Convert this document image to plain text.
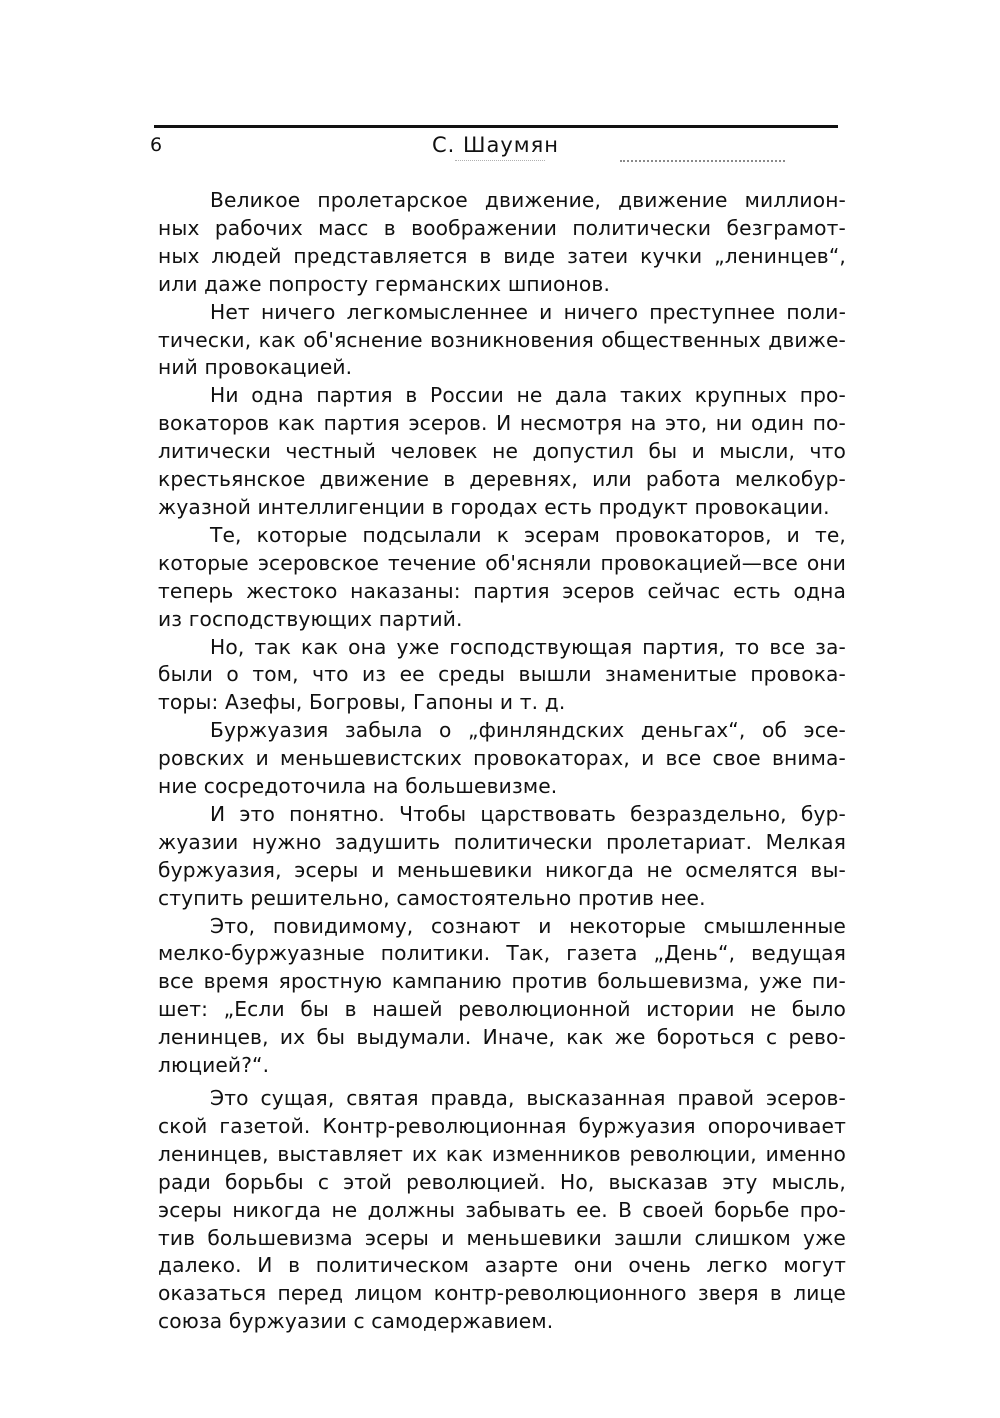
6	С. Шаумян
Великое пролетарское движение, движение миллион-
ных рабочих масс в воображении политически безграмот-
ных людей представляется в виде затеи кучки „ленинцев“,
или даже попросту германских шпионов.
Нет ничего легкомысленнее и ничего преступнее поли-
тически, как об'яснение возникновения общественных движе-
ний провокацией.
Ни одна партия в России не дала таких крупных про-
вокаторов как партия эсеров. И несмотря на это, ни один по-
литически честный человек не допустил бы и мысли, что
крестьянское движение в деревнях, или работа мелкобур-
жуазной интеллигенции в городах есть продукт провокации.
Те, которые подсылали к эсерам провокаторов, и те,
которые эсеровское течение об'ясняли провокацией—все они
теперь жестоко наказаны: партия эсеров сейчас есть одна
из господствующих партий.
Но, так как она уже господствующая партия, то все за-
были о том, что из ее среды вышли знаменитые провока-
торы: Азефы, Богровы, Гапоны и т. д.
Буржуазия забыла о „финляндских деньгах“, об эсе-
ровских и меньшевистских провокаторах, и все свое внима-
ние сосредоточила на большевизме.
И это понятно. Чтобы царствовать безраздельно, бур-
жуазии нужно задушить политически пролетариат. Мелкая
буржуазия, эсеры и меньшевики никогда не осмелятся вы-
ступить решительно, самостоятельно против нее.
Это, повидимому, сознают и некоторые смышленные
мелко-буржуазные политики. Так, газета „День“, ведущая
все время яростную кампанию против большевизма, уже пи-
шет: „Если бы в нашей революционной истории не было
ленинцев, их бы выдумали. Иначе, как же бороться с рево-
люцией?“.
Это сущая, святая правда, высказанная правой эсеров-
ской газетой. Контр-революционная буржуазия опорочивает
ленинцев, выставляет их как изменников революции, именно
ради борьбы с этой революцией. Но, высказав эту мысль,
эсеры никогда не должны забывать ее. В своей борьбе про-
тив большевизма эсеры и меньшевики зашли слишком уже
далеко. И в политическом азарте они очень легко могут
оказаться перед лицом контр-революционного зверя в лице
союза буржуазии с самодержавием.
